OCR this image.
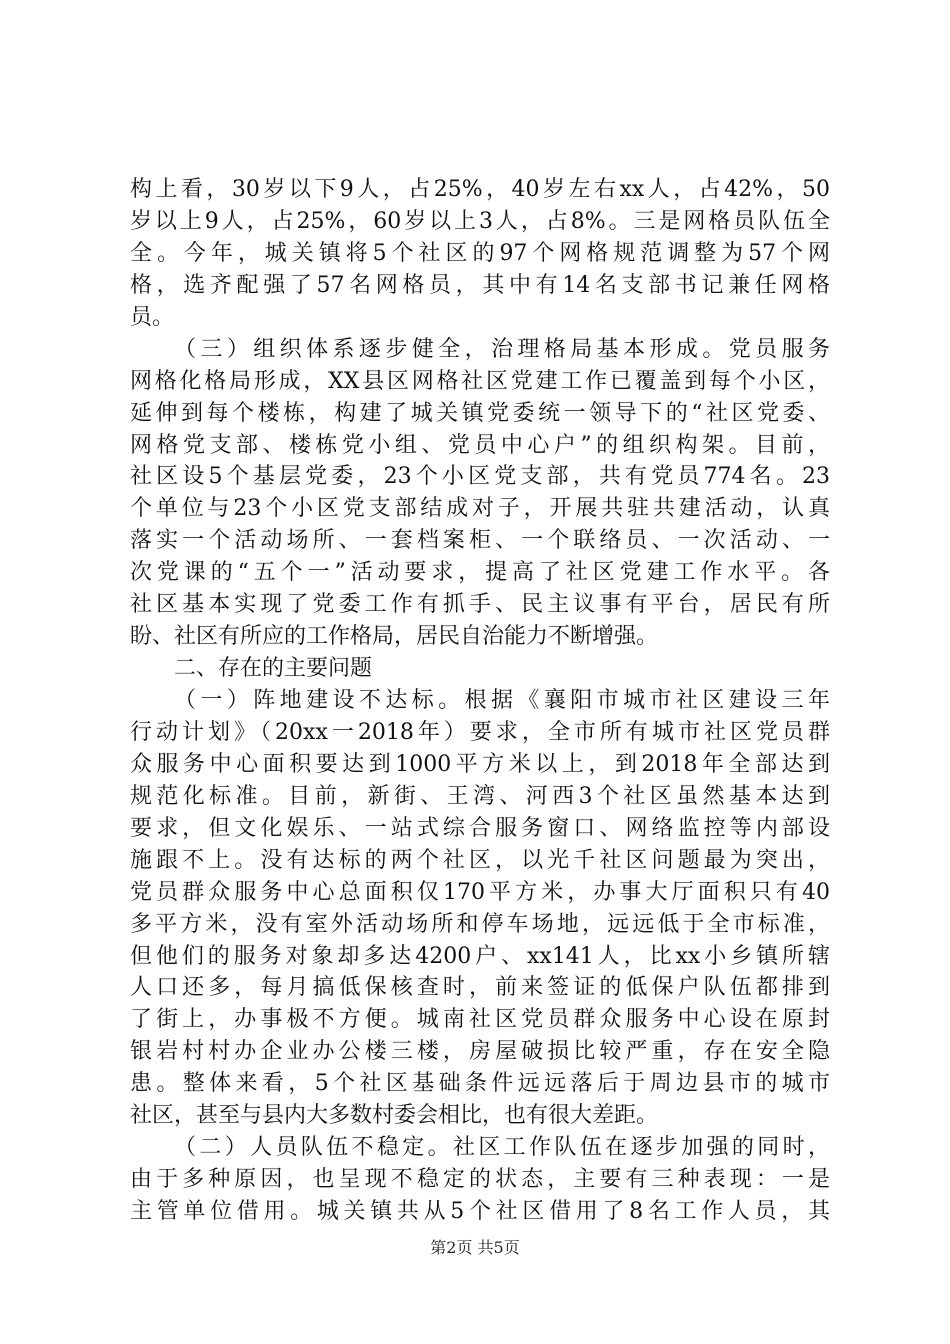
构上看，30岁以下9人，占25%，40岁左右xx人，占42%，50
岁以上9人，占25%，60岁以上3人，占8%。三是网格员队伍全
全。今年，城关镇将5个社区的97个网格规范调整为57个网
格，选齐配强了57名网格员，其中有14名支部书记兼任网格
员。
（三）组织体系逐步健全，治理格局基本形成。党员服务
网格化格局形成，XX县区网格社区党建工作已覆盖到每个小区，
延伸到每个楼栋，构建了城关镇党委统一领导下的“社区党委、
网格党支部、楼栋党小组、党员中心户”的组织构架。目前，
社区设5个基层党委，23个小区党支部，共有党员774名。23
个单位与23个小区党支部结成对子，开展共驻共建活动，认真
落实一个活动场所、一套档案柜、一个联络员、一次活动、一
次党课的“五个一”活动要求，提高了社区党建工作水平。各
社区基本实现了党委工作有抓手、民主议事有平台，居民有所
盼、社区有所应的工作格局，居民自治能力不断增强。
二、存在的主要问题
（一）阵地建设不达标。根据《襄阳市城市社区建设三年
行动计划》（20xx一2018年）要求，全市所有城市社区党员群
众服务中心面积要达到1000平方米以上，到2018年全部达到
规范化标准。目前，新街、王湾、河西3个社区虽然基本达到
要求，但文化娱乐、一站式综合服务窗口、网络监控等内部设
施跟不上。没有达标的两个社区，以光千社区问题最为突出，
党员群众服务中心总面积仅170平方米，办事大厅面积只有40
多平方米，没有室外活动场所和停车场地，远远低于全市标准，
但他们的服务对象却多达4200户、xx141人，比xx小乡镇所辖
人口还多，每月搞低保核查时，前来签证的低保户队伍都排到
了街上，办事极不方便。城南社区党员群众服务中心设在原封
银岩村村办企业办公楼三楼，房屋破损比较严重，存在安全隐
患。整体来看，5个社区基础条件远远落后于周边县市的城市
社区，甚至与县内大多数村委会相比，也有很大差距。
（二）人员队伍不稳定。社区工作队伍在逐步加强的同时，
由于多种原因，也呈现不稳定的状态，主要有三种表现：一是
主管单位借用。城关镇共从5个社区借用了8名工作人员，其
第2页 共5页
